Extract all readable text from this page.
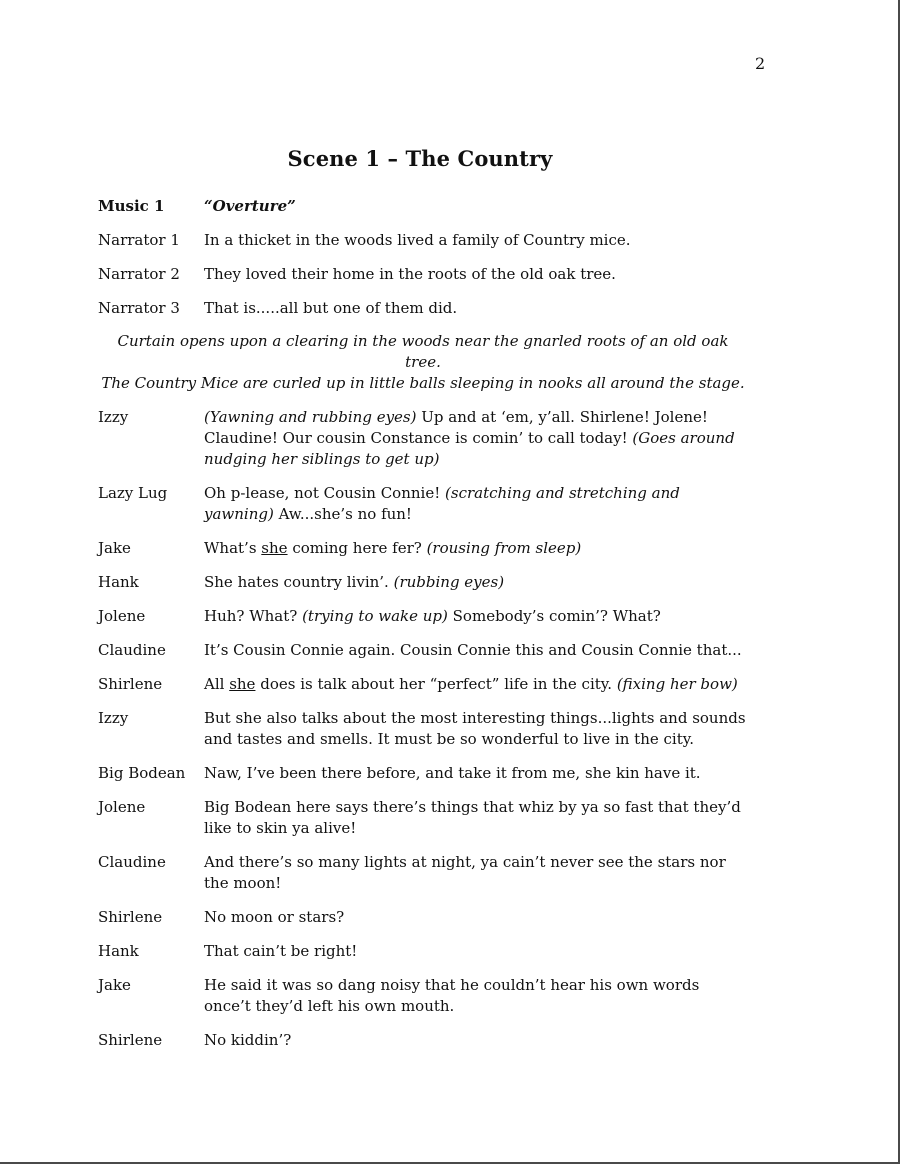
2
Scene 1 – The Country
Music 1	“Overture”
Narrator 1	In a thicket in the woods lived a family of Country mice.
Narrator 2	They loved their home in the roots of the old oak tree.
Narrator 3	That is.....all but one of them did.
Curtain opens upon a clearing in the woods near the gnarled roots of an old oak tree.
The Country Mice are curled up in little balls sleeping in nooks all around the stage.
Izzy	(Yawning and rubbing eyes) Up and at ‘em, y’all. Shirlene! Jolene! Claudine! Our cousin Constance is comin’ to call today! (Goes around nudging her siblings to get up)
Lazy Lug	Oh p-lease, not Cousin Connie! (scratching and stretching and yawning) Aw...she’s no fun!
Jake	What’s she coming here fer? (rousing from sleep)
Hank	She hates country livin’. (rubbing eyes)
Jolene	Huh? What? (trying to wake up) Somebody’s comin’? What?
Claudine	It’s Cousin Connie again. Cousin Connie this and Cousin Connie that...
Shirlene	All she does is talk about her “perfect” life in the city. (fixing her bow)
Izzy	But she also talks about the most interesting things...lights and sounds and tastes and smells. It must be so wonderful to live in the city.
Big Bodean	Naw, I’ve been there before, and take it from me, she kin have it.
Jolene	Big Bodean here says there’s things that whiz by ya so fast that they’d like to skin ya alive!
Claudine	And there’s so many lights at night, ya cain’t never see the stars nor the moon!
Shirlene	No moon or stars?
Hank	That cain’t be right!
Jake	He said it was so dang noisy that he couldn’t hear his own words once’t they’d left his own mouth.
Shirlene	No kiddin’?
